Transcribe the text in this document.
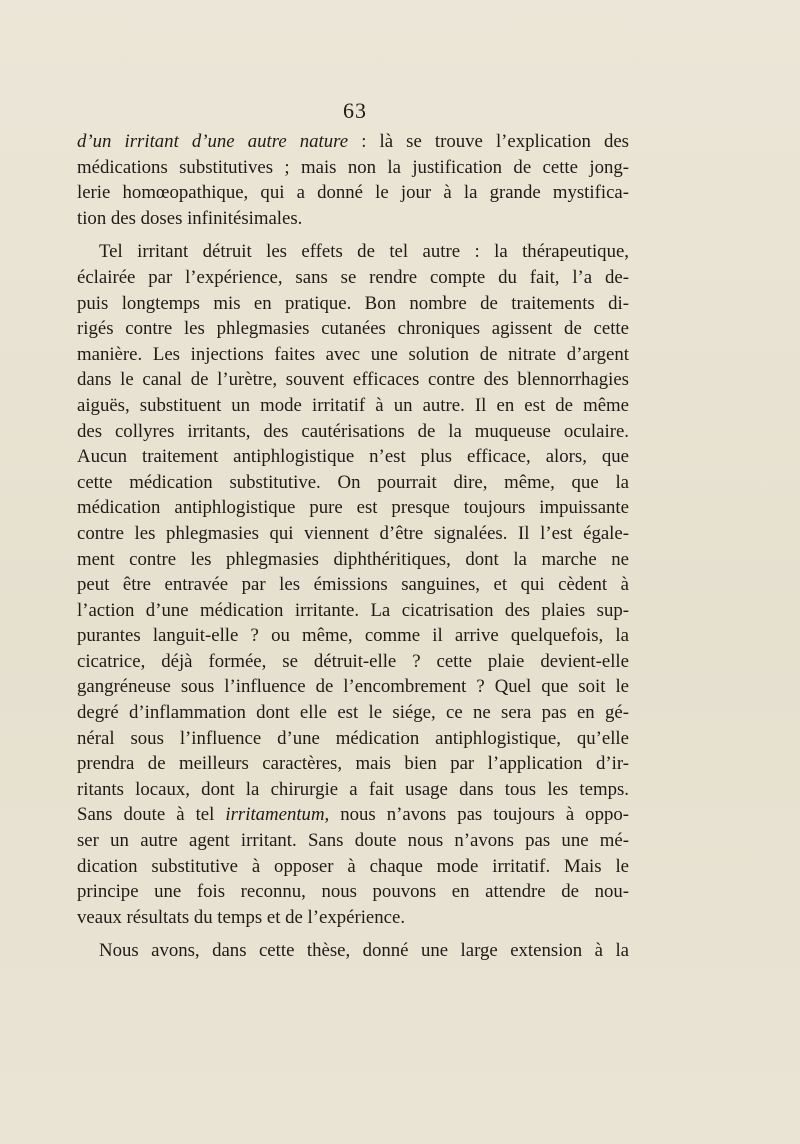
63
d’un irritant d’une autre nature : là se trouve l’explication des
médications substitutives ; mais non la justification de cette jong-
lerie homœopathique, qui a donné le jour à la grande mystifica-
tion des doses infinitésimales.
Tel irritant détruit les effets de tel autre : la thérapeutique,
éclairée par l’expérience, sans se rendre compte du fait, l’a de-
puis longtemps mis en pratique. Bon nombre de traitements di-
rigés contre les phlegmasies cutanées chroniques agissent de cette
manière. Les injections faites avec une solution de nitrate d’argent
dans le canal de l’urètre, souvent efficaces contre des blennorrhagies
aiguës, substituent un mode irritatif à un autre. Il en est de même
des collyres irritants, des cautérisations de la muqueuse oculaire.
Aucun traitement antiphlogistique n’est plus efficace, alors, que
cette médication substitutive. On pourrait dire, même, que la
médication antiphlogistique pure est presque toujours impuissante
contre les phlegmasies qui viennent d’être signalées. Il l’est égale-
ment contre les phlegmasies diphthéritiques, dont la marche ne
peut être entravée par les émissions sanguines, et qui cèdent à
l’action d’une médication irritante. La cicatrisation des plaies sup-
purantes languit-elle ? ou même, comme il arrive quelquefois, la
cicatrice, déjà formée, se détruit-elle ? cette plaie devient-elle
gangréneuse sous l’influence de l’encombrement ? Quel que soit le
degré d’inflammation dont elle est le siége, ce ne sera pas en gé-
néral sous l’influence d’une médication antiphlogistique, qu’elle
prendra de meilleurs caractères, mais bien par l’application d’ir-
ritants locaux, dont la chirurgie a fait usage dans tous les temps.
Sans doute à tel irritamentum, nous n’avons pas toujours à oppo-
ser un autre agent irritant. Sans doute nous n’avons pas une mé-
dication substitutive à opposer à chaque mode irritatif. Mais le
principe une fois reconnu, nous pouvons en attendre de nou-
veaux résultats du temps et de l’expérience.
Nous avons, dans cette thèse, donné une large extension à la
